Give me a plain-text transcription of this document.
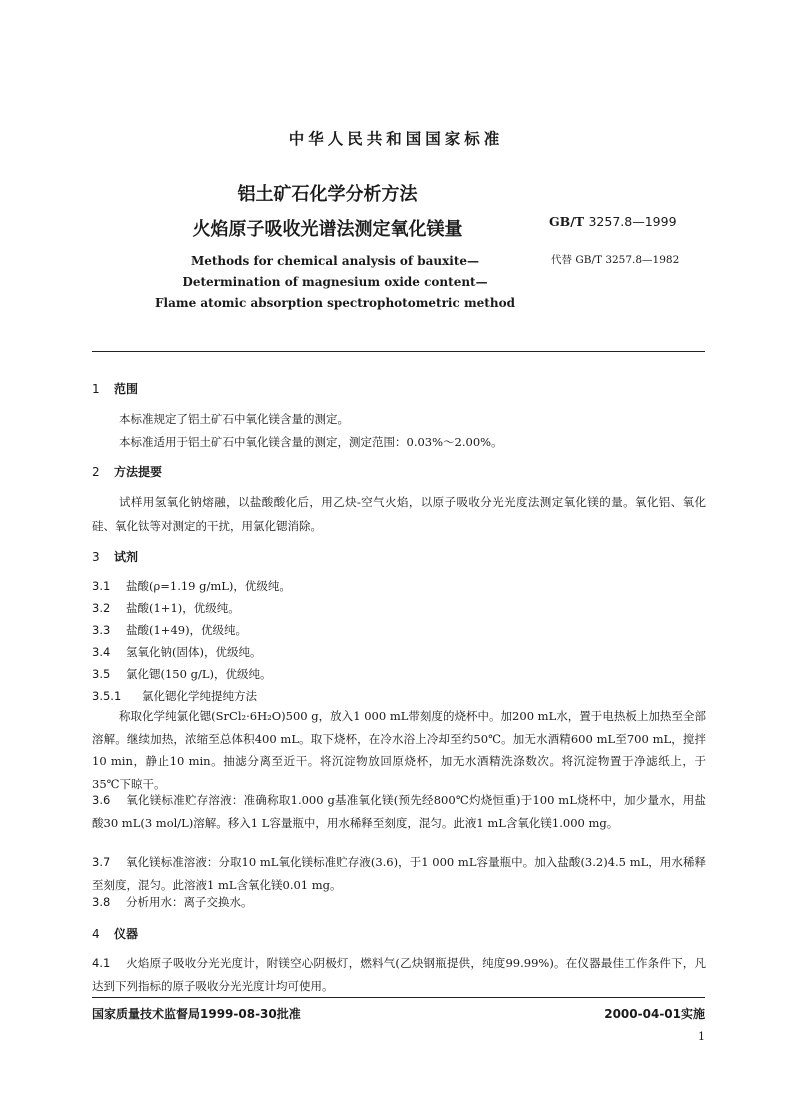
中华人民共和国国家标准
铝土矿石化学分析方法
火焰原子吸收光谱法测定氧化镁量	GB/T 3257.8—1999
代替 GB/T 3257.8—1982
Methods for chemical analysis of bauxite—
Determination of magnesium oxide content—
Flame atomic absorption spectrophotometric method
1 范围
本标准规定了铝土矿石中氧化镁含量的测定。
本标准适用于铝土矿石中氧化镁含量的测定，测定范围：0.03%～2.00%。
2 方法提要
试样用氢氧化钠熔融，以盐酸酸化后，用乙炔-空气火焰，以原子吸收分光光度法测定氧化镁的量。氧化铝、氧化硅、氧化钛等对测定的干扰，用氯化锶消除。
3 试剂
3.1 盐酸(ρ=1.19 g/mL)，优级纯。
3.2 盐酸(1+1)，优级纯。
3.3 盐酸(1+49)，优级纯。
3.4 氢氧化钠(固体)，优级纯。
3.5 氯化锶(150 g/L)，优级纯。
3.5.1 氯化锶化学纯提纯方法
称取化学纯氯化锶(SrCl₂·6H₂O)500 g，放入1 000 mL带刻度的烧杯中。加200 mL水，置于电热板上加热至全部溶解。继续加热，浓缩至总体积400 mL。取下烧杯，在冷水浴上冷却至约50℃。加无水酒精600 mL至700 mL，搅拌10 min，静止10 min。抽滤分离至近干。将沉淀物放回原烧杯，加无水酒精洗涤数次。将沉淀物置于净滤纸上，于35℃下晾干。
3.6 氧化镁标准贮存溶液：准确称取1.000 g基准氧化镁(预先经800℃灼烧恒重)于100 mL烧杯中，加少量水，用盐酸30 mL(3 mol/L)溶解。移入1 L容量瓶中，用水稀释至刻度，混匀。此液1 mL含氧化镁1.000 mg。
3.7 氧化镁标准溶液：分取10 mL氧化镁标准贮存液(3.6)，于1 000 mL容量瓶中。加入盐酸(3.2)4.5 mL，用水稀释至刻度，混匀。此溶液1 mL含氧化镁0.01 mg。
3.8 分析用水：离子交换水。
4 仪器
4.1 火焰原子吸收分光光度计，附镁空心阴极灯，燃料气(乙炔钢瓶提供，纯度99.99%)。在仪器最佳工作条件下，凡达到下列指标的原子吸收分光光度计均可使用。
国家质量技术监督局1999-08-30批准	2000-04-01实施
1
